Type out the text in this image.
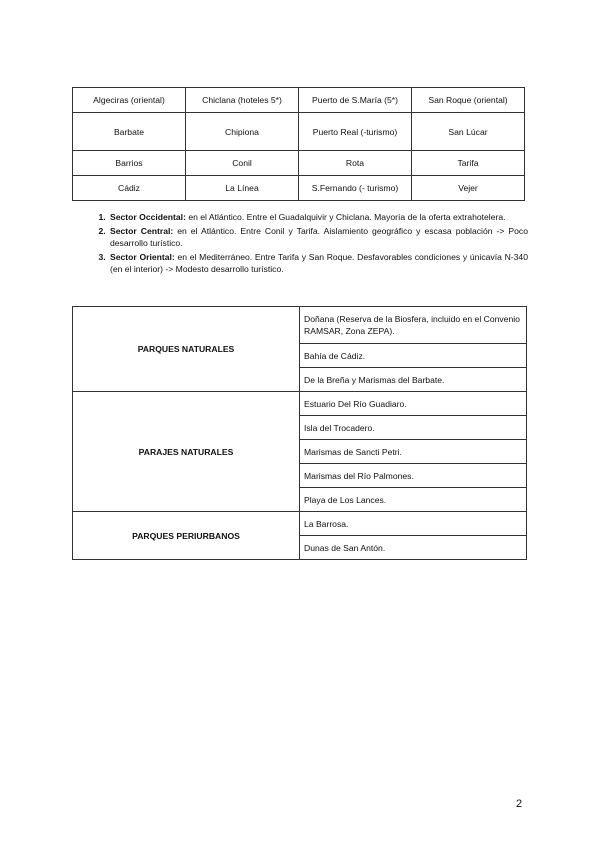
Algeciras (oriental)	Chiclana (hoteles 5*)	Puerto de S.María (5*)	San Roque (oriental)
Barbate	Chipiona	Puerto Real (-turismo)	San Lúcar
Barrios	Conil	Rota	Tarifa
Cádiz	La Línea	S.Fernando (- turismo)	Vejer
1. Sector Occidental: en el Atlántico. Entre el Guadalquivir y Chiclana. Mayoría de la oferta extrahotelera.
2. Sector Central: en el Atlántico. Entre Conil y Tarifa. Aislamiento geográfico y escasa población -> Poco desarrollo turístico.
3. Sector Oriental: en el Mediterráneo. Entre Tarifa y San Roque. Desfavorables condiciones y únicavía N-340 (en el interior) -> Modesto desarrollo turístico.
PARQUES NATURALES	Doñana (Reserva de la Biosfera, incluido en el Convenio RAMSAR, Zona ZEPA).
	Bahía de Cádiz.
	De la Breña y Marismas del Barbate.
PARAJES NATURALES	Estuario Del Río Guadiaro.
	Isla del Trocadero.
	Marismas de Sancti Petri.
	Marismas del Río Palmones.
	Playa de Los Lances.
PARQUES PERIURBANOS	La Barrosa.
	Dunas de San Antón.
2
